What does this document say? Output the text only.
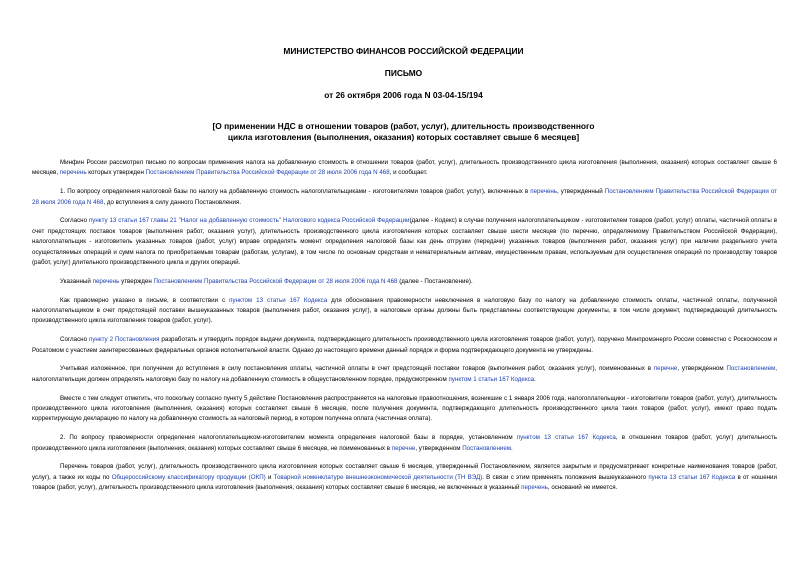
МИНИСТЕРСТВО ФИНАНСОВ РОССИЙСКОЙ ФЕДЕРАЦИИ
ПИСЬМО
от 26 октября 2006 года N 03-04-15/194
[О применении НДС в отношении товаров (работ, услуг), длительность производственного
цикла изготовления (выполнения, оказания) которых составляет свыше 6 месяцев]

Минфин России рассмотрел письмо по вопросам применения налога на добавленную стоимость в отношении товаров (работ, услуг), длительность производственного цикла изготовления (выполнения, оказания) которых составляет свыше 6 месяцев, перечень которых утвержден Постановлением Правительства Российской Федерации от 28 июля 2006 года N 468, и сообщает.

1. По вопросу определения налоговой базы по налогу на добавленную стоимость налогоплательщиками - изготовителями товаров (работ, услуг), включенных в перечень, утвержденный Постановлением Правительства Российской Федерации от 28 июля 2006 года N 468, до вступления в силу данного Постановления.

Согласно пункту 13 статьи 167 главы 21 "Налог на добавленную стоимость" Налогового кодекса Российской Федерации(далее - Кодекс) в случае получения налогоплательщиком - изготовителем товаров (работ, услуг) оплаты, частичной оплаты в счет предстоящих поставок товаров (выполнения работ, оказания услуг), длительность производственного цикла изготовления которых составляет свыше шести месяцев (по перечню, определяемому Правительством Российской Федерации), налогоплательщик - изготовитель указанных товаров (работ, услуг) вправе определять момент определения налоговой базы как день отгрузки (передачи) указанных товаров (выполнения работ, оказания услуг) при наличии раздельного учета осуществляемых операций и сумм налога по приобретаемым товарам (работам, услугам), в том числе по основным средствам и нематериальным активам, имущественным правам, используемым для осуществления операций по производству товаров (работ, услуг) длительного производственного цикла и других операций.

Указанный перечень утвержден Постановлением Правительства Российской Федерации от 28 июля 2006 года N 468 (далее - Постановление).

Как правомерно указано в письме, в соответствии с пунктом 13 статьи 167 Кодекса для обоснования правомерности невключения в налоговую базу по налогу на добавленную стоимость оплаты, частичной оплаты, полученной налогоплательщиком в счет предстоящей поставки вышеуказанных товаров (выполнения работ, оказания услуг), в налоговые органы должны быть представлены соответствующие документы, в том числе документ, подтверждающий длительность производственного цикла изготовления товаров (работ, услуг).

Согласно пункту 2 Постановления разработать и утвердить порядок выдачи документа, подтверждающего длительность производственного цикла изготовления товаров (работ, услуг), поручено Минпромэнерго России совместно с Роскосмосом и Росатомом с участием заинтересованных федеральных органов исполнительной власти. Однако до настоящего времени данный порядок и форма подтверждающего документа не утверждены.

Учитывая изложенное, при получении до вступления в силу постановления оплаты, частичной оплаты в счет предстоящей поставки товаров (выполнения работ, оказания услуг), поименованных в перечне, утвержденном Постановлением, налогоплательщик должен определять налоговую базу по налогу на добавленную стоимость в общеустановленном порядке, предусмотренном пунктом 1 статьи 167 Кодекса.

Вместе с тем следует отметить, что поскольку согласно пункту 5 действие Постановления распространяется на налоговые правоотношения, возникшие с 1 января 2006 года, налогоплательщики - изготовители товаров (работ, услуг), длительность производственного цикла изготовления (выполнения, оказания) которых составляет свыше 6 месяцев, после получения документа, подтверждающего длительность производственного цикла таких товаров (работ, услуг), имеют право подать корректирующую декларацию по налогу на добавленную стоимость за налоговый период, в котором получена оплата (частичная оплата).

2. По вопросу правомерности определения налогоплательщиком-изготовителем момента определения налоговой базы в порядке, установленном пунктом 13 статьи 167 Кодекса, в отношении товаров (работ, услуг) длительность производственного цикла изготовления (выполнения, оказания) которых составляет свыше 6 месяцев, не поименованных в перечне, утвержденном Постановлением.

Перечень товаров (работ, услуг), длительность производственного цикла изготовления которых составляет свыше 6 месяцев, утвержденный Постановлением, является закрытым и предусматривает конкретные наименования товаров (работ, услуг), а также их коды по Общероссийскому классификатору продукции (ОКП) и Товарной номенклатуре внешнеэкономической деятельности (ТН ВЭД). В связи с этим применять положения вышеуказанного пункта 13 статьи 167 Кодекса в от ношении товаров (работ, услуг), длительность производственного цикла изготовления (выполнения, оказания) которых составляет свыше 6 месяцев, не включенных в указанный перечень, оснований не имеется.
